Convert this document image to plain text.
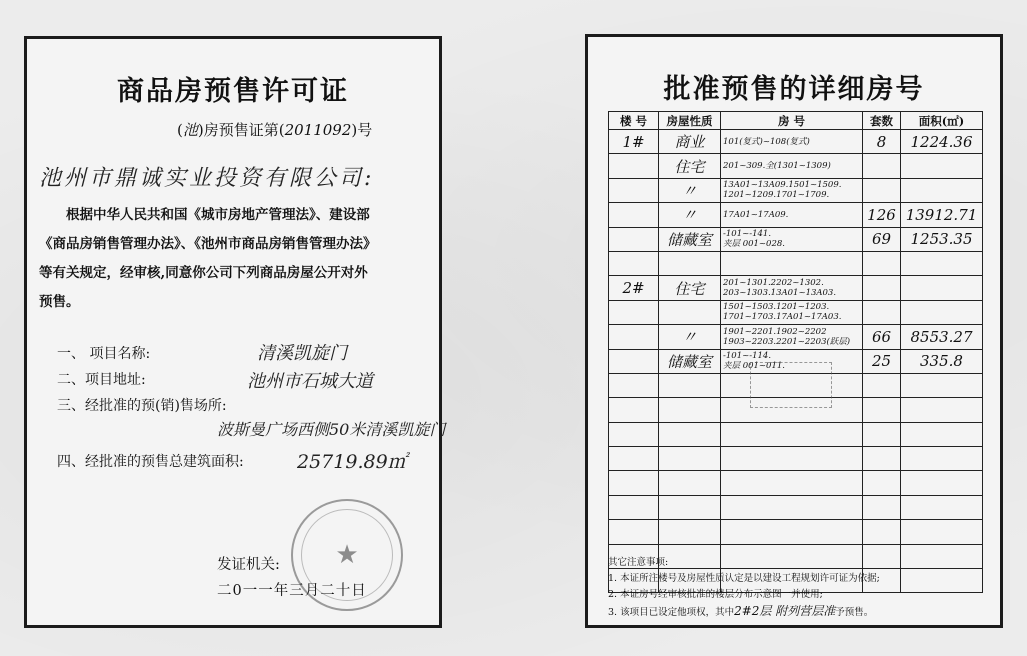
商品房预售许可证
(池)房预售证第(2011092)号
池州市鼎诚实业投资有限公司:

根据中华人民共和国《城市房地产管理法》、建设部

《商品房销售管理办法》、《池州市商品房销售管理办法》

等有关规定，经审核,同意你公司下列商品房屋公开对外

预售。

一、 项目名称:	清溪凯旋门
二、项目地址:	池州市石城大道
三、经批准的预(销)售场所:
波斯曼广场西侧50米清溪凯旋门
四、经批准的预售总建筑面积:	25719.89㎡
★
发证机关:
二0一一年三月二十日
批准预售的详细房号
楼 号	房屋性质	房 号	套数	面积(㎡)
1#	商业	101(复式)~108(复式)	8	1224.36
	住宅	201~309.全(1301~1309)		
	〃	13A01~13A09.1501~1509.
1201~1209.1701~1709.		
	〃	17A01~17A09.	126	13912.71
	储藏室	-101~-141.
夹层 001~028.	69	1253.35

2#	住宅	201~1301.2202~1302.
203~1303.13A01~13A03.		
		1501~1503.1201~1203.
1701~1703.17A01~17A03.		
	〃	1901~2201.1902~2202
1903~2203.2201~2203(跃层)	66	8553.27
	储藏室	-101~-114.
夹层 001~011.	25	335.8

其它注意事项:

1. 本证所注楼号及房屋性质认定是以建设工程规划许可证为依据;

2. 本证房号经审核批准的楼层分布示意图一并使用;

3. 该项目已设定他项权，其中2#2层 附列营层准予预售。
